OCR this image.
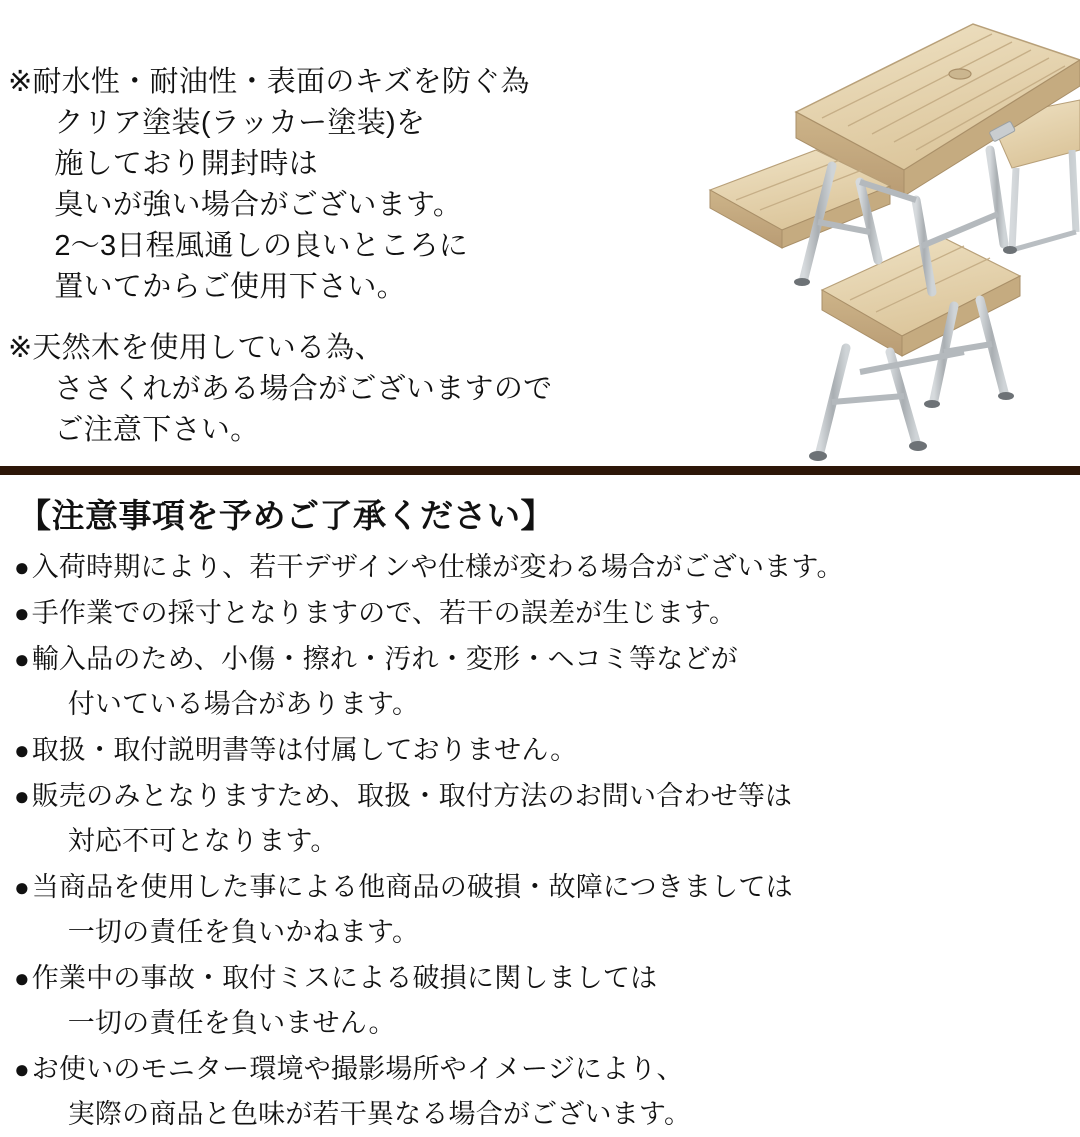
※ 耐水性・耐油性・表面のキズを防ぐ為
クリア塗装(ラッカー塗装)を
施しており開封時は
臭いが強い場合がございます。
2～3日程風通しの良いところに
置いてからご使用下さい。
※ 天然木を使用している為、
ささくれがある場合がございますので
ご注意下さい。
【注意事項を予めご了承ください】
● 入荷時期により、若干デザインや仕様が変わる場合がございます。
● 手作業での採寸となりますので、若干の誤差が生じます。
● 輸入品のため、小傷・擦れ・汚れ・変形・ヘコミ等などが
付いている場合があります。
● 取扱・取付説明書等は付属しておりません。
● 販売のみとなりますため、取扱・取付方法のお問い合わせ等は
対応不可となります。
● 当商品を使用した事による他商品の破損・故障につきましては
一切の責任を負いかねます。
● 作業中の事故・取付ミスによる破損に関しましては
一切の責任を負いません。
● お使いのモニター環境や撮影場所やイメージにより、
実際の商品と色味が若干異なる場合がございます。
